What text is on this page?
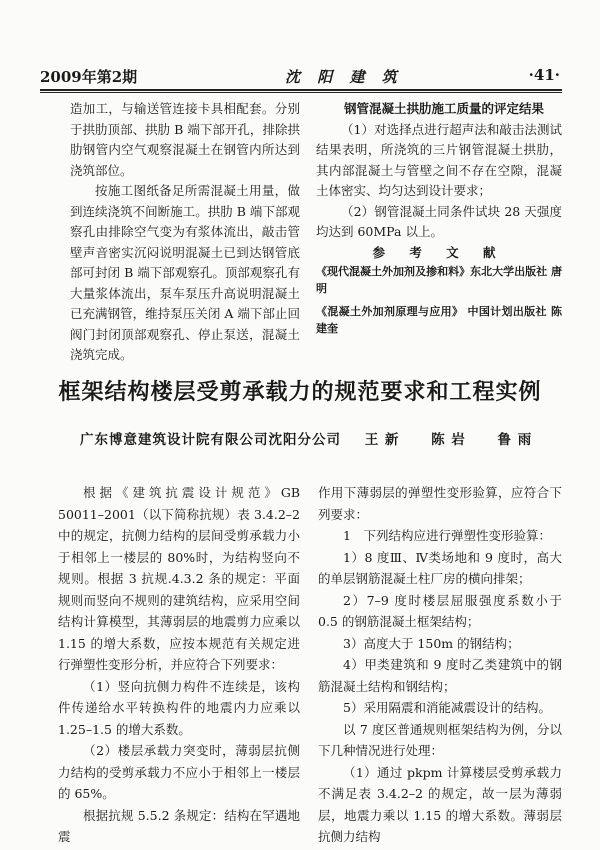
2009年第2期	沈 阳 建 筑	·41·

造加工，与输送管连接卡具相配套。分别于拱肋顶部、拱肋 B 端下部开孔，排除拱肋钢管内空气观察混凝土在钢管内所达到浇筑部位。

按施工图纸备足所需混凝土用量，做到连续浇筑不间断施工。拱肋 B 端下部观察孔由排除空气变为有浆体流出，敲击管壁声音密实沉闷说明混凝土已到达钢管底部可封闭 B 端下部观察孔。顶部观察孔有大量浆体流出，泵车泵压升高说明混凝土已充满钢管，维持泵压关闭 A 端下部止回阀门封闭顶部观察孔、停止泵送，混凝土浇筑完成。

钢管混凝土拱肋施工质量的评定结果

（1）对选择点进行超声法和敲击法测试结果表明，所浇筑的三片钢管混凝土拱肋，其内部混凝土与管壁之间不存在空隙，混凝土体密实、均匀达到设计要求；

（2）钢管混凝土同条件试块 28 天强度均达到 60MPa 以上。

参 考 文 献

《现代混凝土外加剂及掺和料》东北大学出版社 唐明

《混凝土外加剂原理与应用》 中国计划出版社 陈建奎

框架结构楼层受剪承载力的规范要求和工程实例
广东博意建筑设计院有限公司沈阳分公司 王 新 陈 岩 鲁 雨

根据《建筑抗震设计规范》GB 50011–2001（以下简称抗规）表 3.4.2–2 中的规定，抗侧力结构的层间受剪承载力小于相邻上一楼层的 80%时，为结构竖向不规则。根据 3 抗规.4.3.2 条的规定：平面规则而竖向不规则的建筑结构，应采用空间结构计算模型，其薄弱层的地震剪力应乘以 1.15 的增大系数，应按本规范有关规定进行弹塑性变形分析，并应符合下列要求：

（1）竖向抗侧力构件不连续是，该构件传递给水平转换构件的地震内力应乘以 1.25–1.5 的增大系数。

（2）楼层承载力突变时，薄弱层抗侧力结构的受剪承载力不应小于相邻上一楼层的 65%。

根据抗规 5.5.2 条规定：结构在罕遇地震

作用下薄弱层的弹塑性变形验算，应符合下列要求：

1　下列结构应进行弹塑性变形验算：

1）8 度Ⅲ、Ⅳ类场地和 9 度时，高大的单层钢筋混凝土柱厂房的横向排架；

2）7–9 度时楼层屈服强度系数小于 0.5 的钢筋混凝土框架结构；

3）高度大于 150m 的钢结构；

4）甲类建筑和 9 度时乙类建筑中的钢筋混凝土结构和钢结构；

5）采用隔震和消能减震设计的结构。

以 7 度区普通规则框架结构为例，分以下几种情况进行处理：

（1）通过 pkpm 计算楼层受剪承载力不满足表 3.4.2–2 的规定，故一层为薄弱层，地震力乘以 1.15 的增大系数。薄弱层抗侧力结构
